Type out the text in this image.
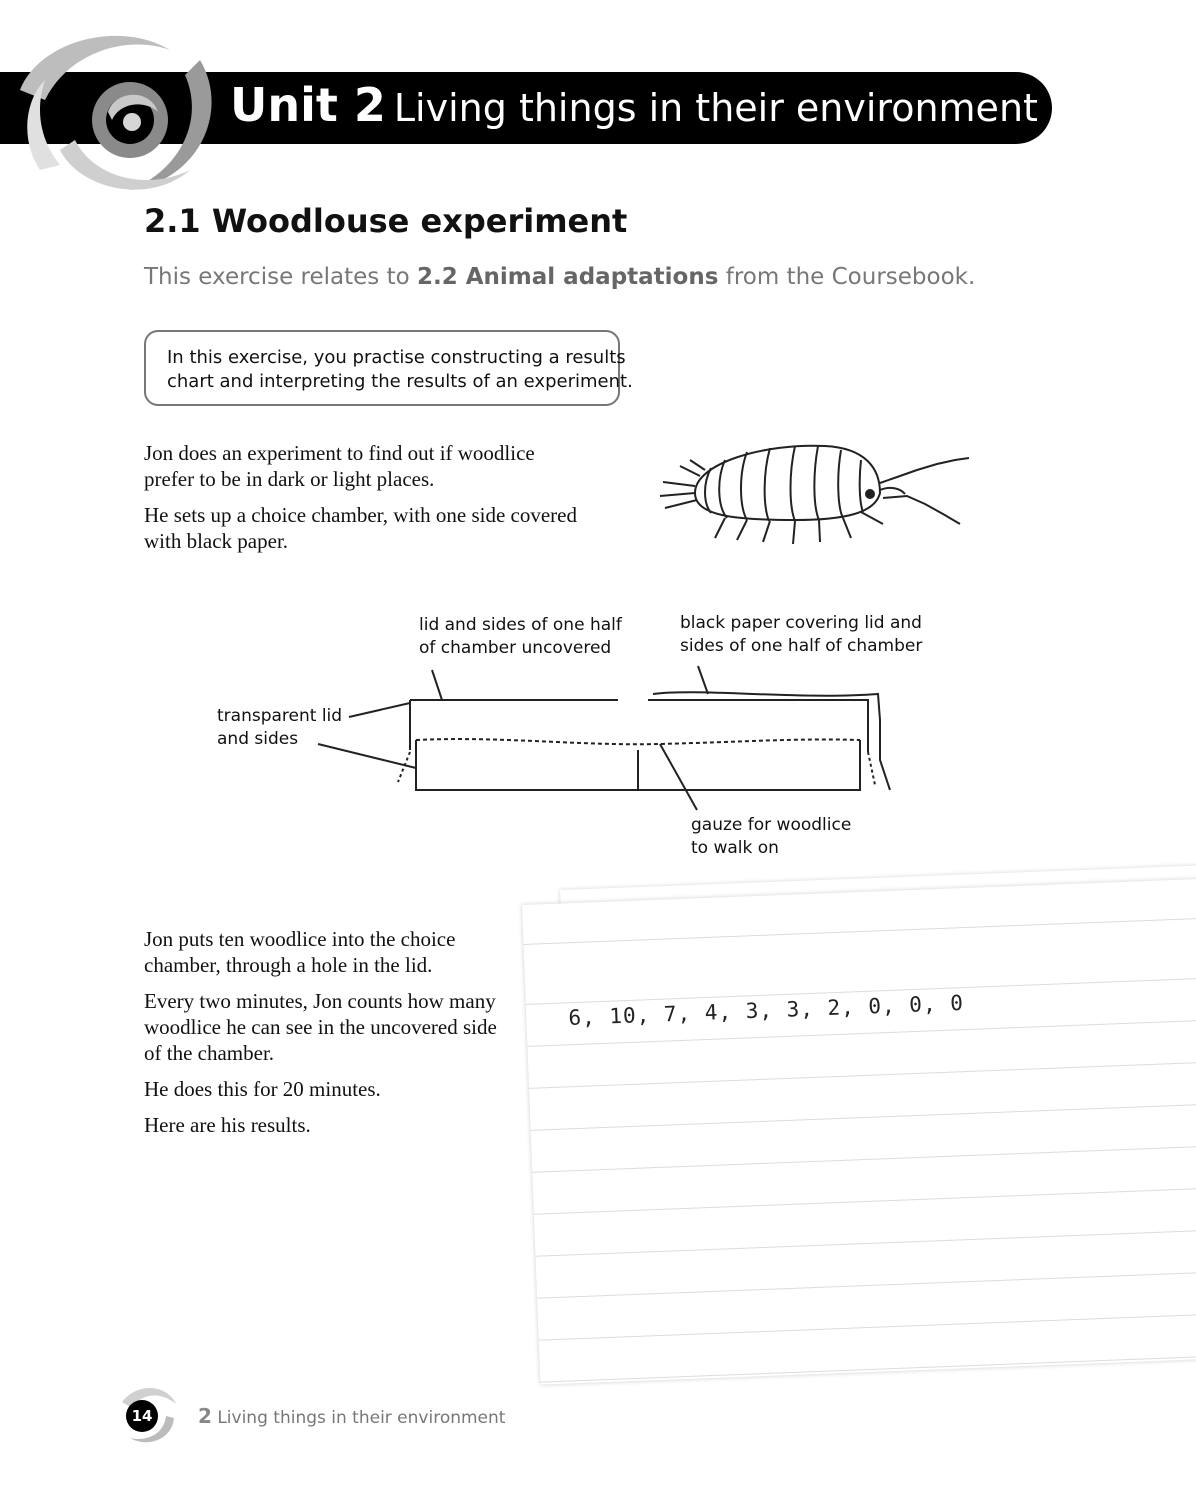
Unit 2 Living things in their environment
2.1 Woodlouse experiment
This exercise relates to 2.2 Animal adaptations from the Coursebook.
In this exercise, you practise constructing a results
chart and interpreting the results of an experiment.

Jon does an experiment to find out if woodlice prefer to be in dark or light places.

He sets up a choice chamber, with one side covered with black paper.

lid and sides of one half
of chamber uncovered
black paper covering lid and
sides of one half of chamber
transparent lid
and sides
gauze for woodlice
to walk on

Jon puts ten woodlice into the choice chamber, through a hole in the lid.

Every two minutes, Jon counts how many woodlice he can see in the uncovered side of the chamber.

He does this for 20 minutes.

Here are his results.

6, 10, 7, 4, 3, 3, 2, 0, 0, 0
14 2 Living things in their environment
